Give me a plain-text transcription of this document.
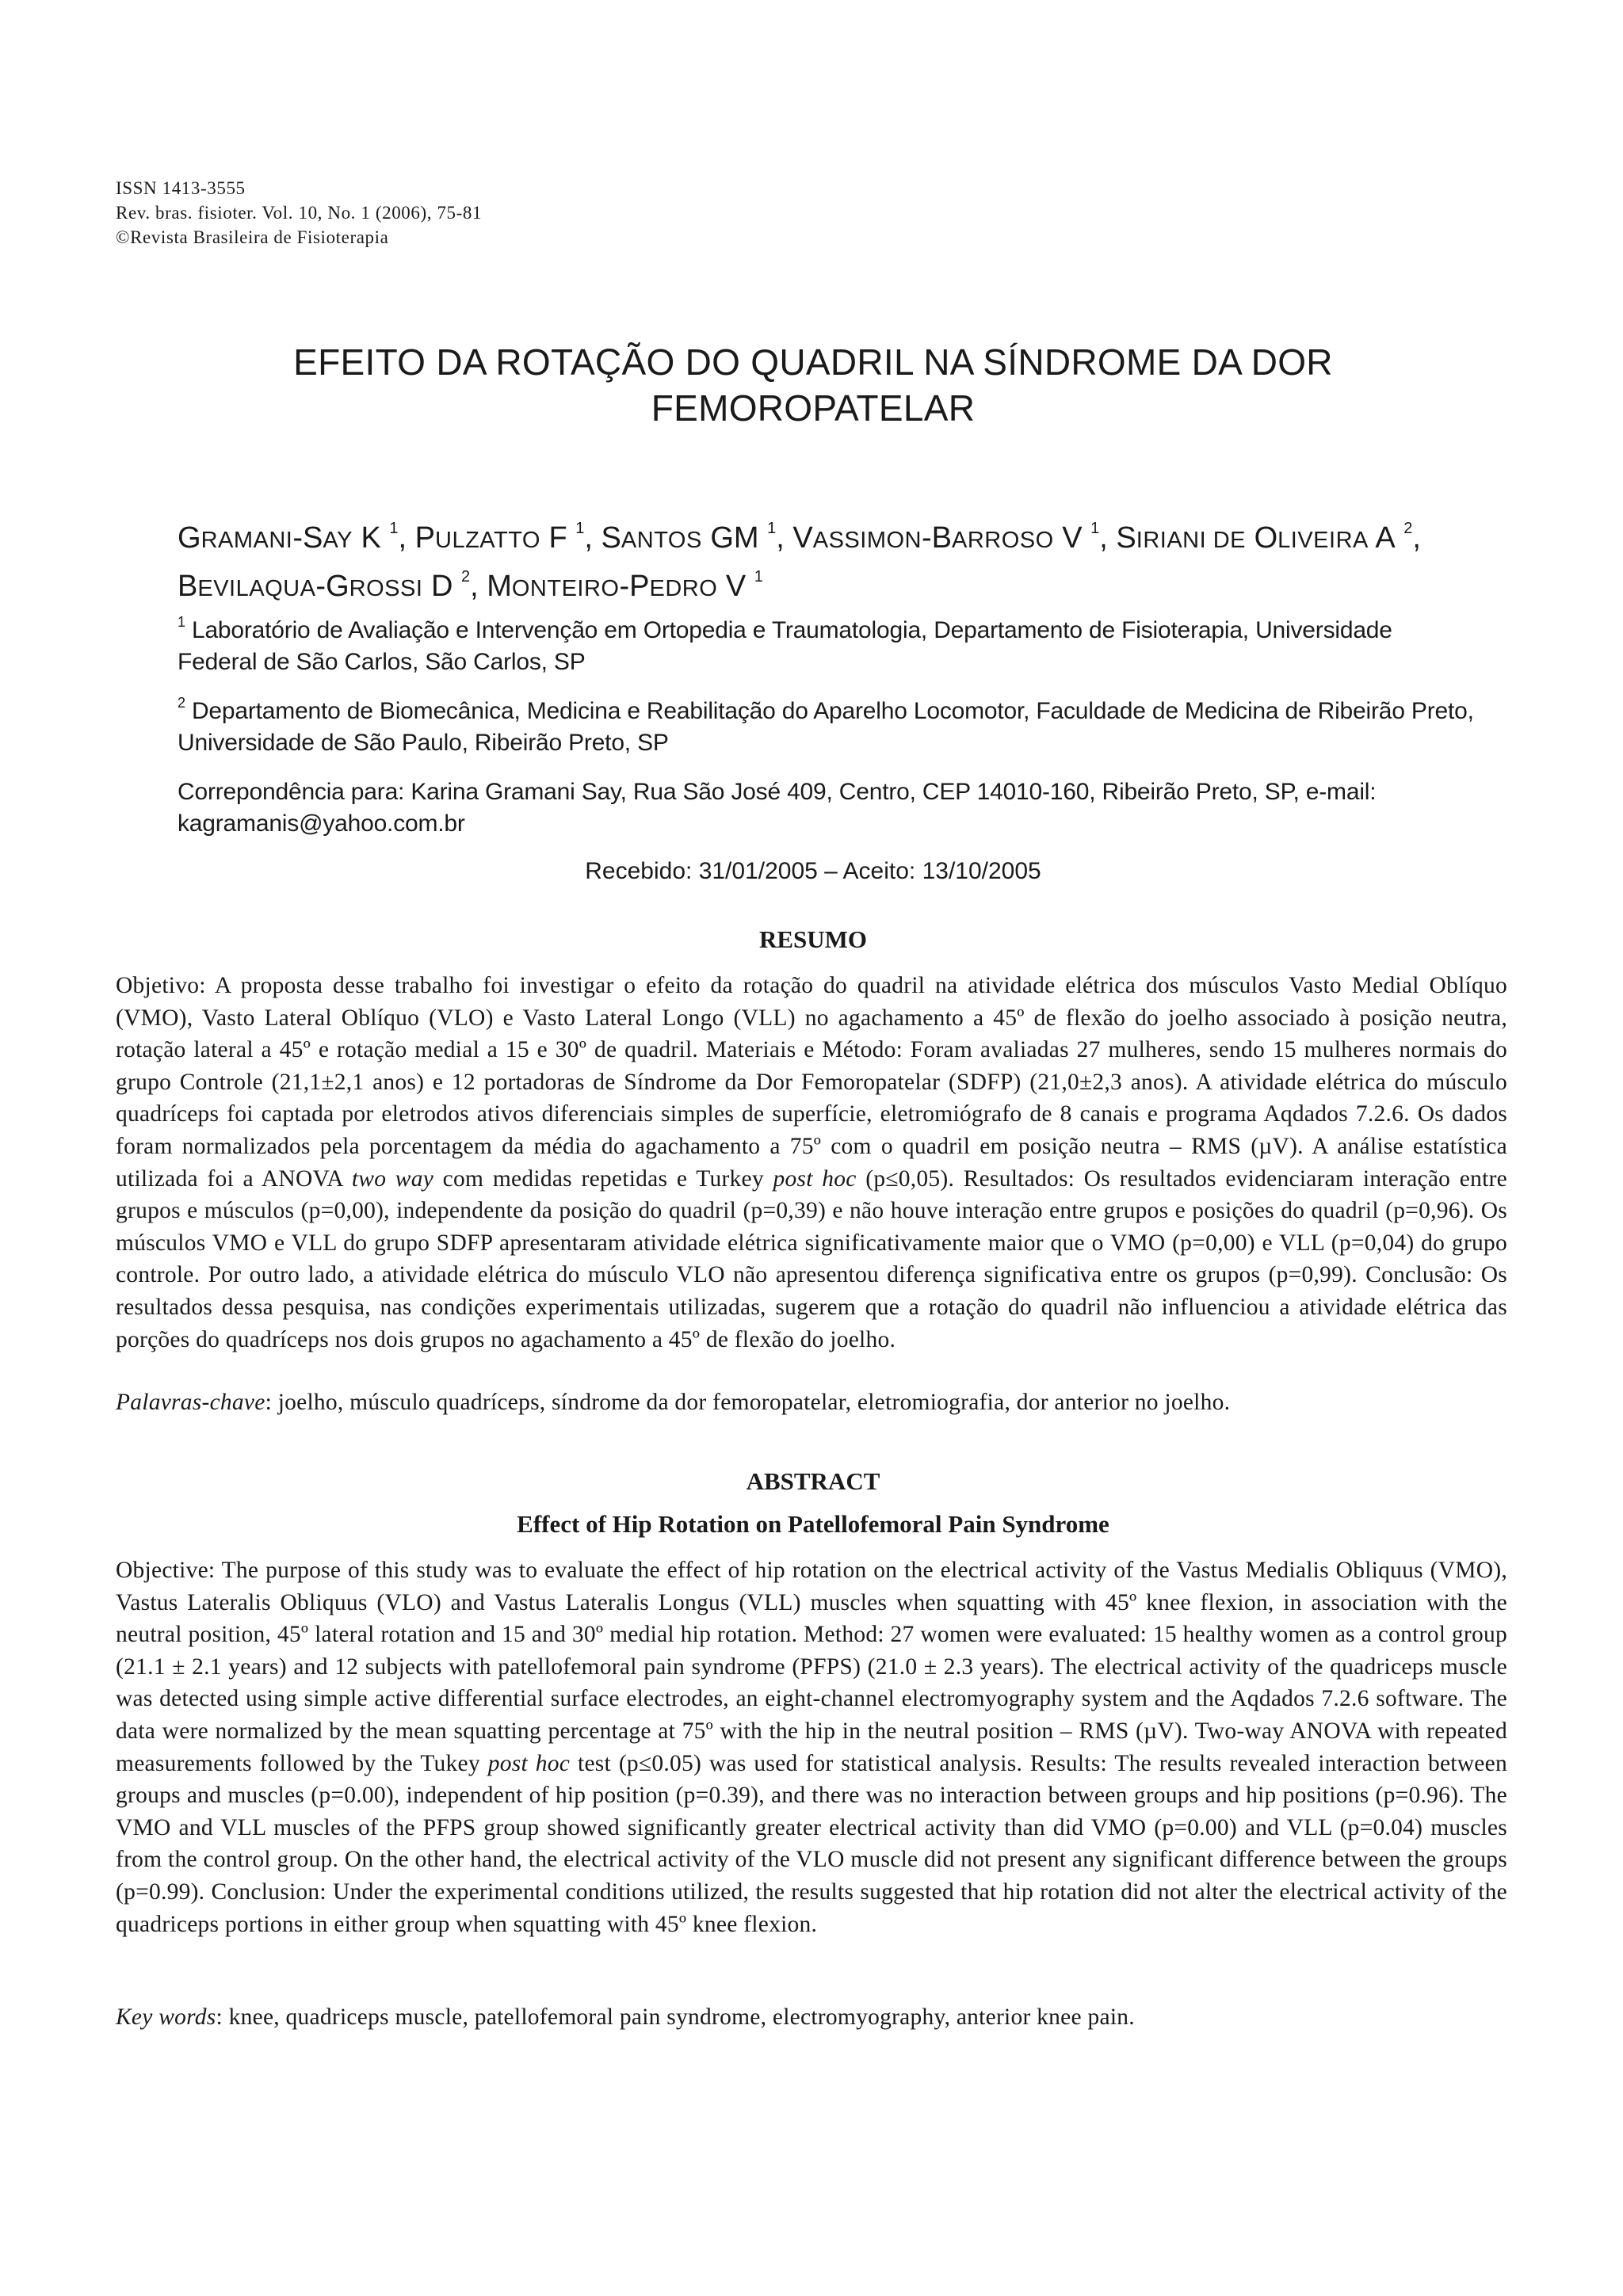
ISSN 1413-3555
Rev. bras. fisioter. Vol. 10, No. 1 (2006), 75-81
©Revista Brasileira de Fisioterapia
EFEITO DA ROTAÇÃO DO QUADRIL NA SÍNDROME DA DOR
FEMOROPATELAR
GRAMANI-SAY K $^1$, PULZATTO F $^1$, SANTOS GM $^1$, VASSIMON-BARROSO V $^1$, SIRIANI DE OLIVEIRA A $^2$,
BEVILAQUA-GROSSI D $^2$, MONTEIRO-PEDRO V $^1$
$^1$ Laboratório de Avaliação e Intervenção em Ortopedia e Traumatologia, Departamento de Fisioterapia, Universidade Federal de São Carlos, São Carlos, SP
$^2$ Departamento de Biomecânica, Medicina e Reabilitação do Aparelho Locomotor, Faculdade de Medicina de Ribeirão Preto, Universidade de São Paulo, Ribeirão Preto, SP
Correpondência para: Karina Gramani Say, Rua São José 409, Centro, CEP 14010-160, Ribeirão Preto, SP, e-mail: kagramanis@yahoo.com.br
Recebido: 31/01/2005 – Aceito: 13/10/2005
RESUMO
Objetivo: A proposta desse trabalho foi investigar o efeito da rotação do quadril na atividade elétrica dos músculos Vasto Medial Oblíquo (VMO), Vasto Lateral Oblíquo (VLO) e Vasto Lateral Longo (VLL) no agachamento a 45º de flexão do joelho associado à posição neutra, rotação lateral a 45º e rotação medial a 15 e 30º de quadril. Materiais e Método: Foram avaliadas 27 mulheres, sendo 15 mulheres normais do grupo Controle (21,1±2,1 anos) e 12 portadoras de Síndrome da Dor Femoropatelar (SDFP) (21,0±2,3 anos). A atividade elétrica do músculo quadríceps foi captada por eletrodos ativos diferenciais simples de superfície, eletromiógrafo de 8 canais e programa Aqdados 7.2.6. Os dados foram normalizados pela porcentagem da média do agachamento a 75º com o quadril em posição neutra – RMS (µV). A análise estatística utilizada foi a ANOVA two way com medidas repetidas e Turkey post hoc (p≤0,05). Resultados: Os resultados evidenciaram interação entre grupos e músculos (p=0,00), independente da posição do quadril (p=0,39) e não houve interação entre grupos e posições do quadril (p=0,96). Os músculos VMO e VLL do grupo SDFP apresentaram atividade elétrica significativamente maior que o VMO (p=0,00) e VLL (p=0,04) do grupo controle. Por outro lado, a atividade elétrica do músculo VLO não apresentou diferença significativa entre os grupos (p=0,99). Conclusão: Os resultados dessa pesquisa, nas condições experimentais utilizadas, sugerem que a rotação do quadril não influenciou a atividade elétrica das porções do quadríceps nos dois grupos no agachamento a 45º de flexão do joelho.
Palavras-chave: joelho, músculo quadríceps, síndrome da dor femoropatelar, eletromiografia, dor anterior no joelho.
ABSTRACT
Effect of Hip Rotation on Patellofemoral Pain Syndrome
Objective: The purpose of this study was to evaluate the effect of hip rotation on the electrical activity of the Vastus Medialis Obliquus (VMO), Vastus Lateralis Obliquus (VLO) and Vastus Lateralis Longus (VLL) muscles when squatting with 45º knee flexion, in association with the neutral position, 45º lateral rotation and 15 and 30º medial hip rotation. Method: 27 women were evaluated: 15 healthy women as a control group (21.1 ± 2.1 years) and 12 subjects with patellofemoral pain syndrome (PFPS) (21.0 ± 2.3 years). The electrical activity of the quadriceps muscle was detected using simple active differential surface electrodes, an eight-channel electromyography system and the Aqdados 7.2.6 software. The data were normalized by the mean squatting percentage at 75º with the hip in the neutral position – RMS (µV). Two-way ANOVA with repeated measurements followed by the Tukey post hoc test (p≤0.05) was used for statistical analysis. Results: The results revealed interaction between groups and muscles (p=0.00), independent of hip position (p=0.39), and there was no interaction between groups and hip positions (p=0.96). The VMO and VLL muscles of the PFPS group showed significantly greater electrical activity than did VMO (p=0.00) and VLL (p=0.04) muscles from the control group. On the other hand, the electrical activity of the VLO muscle did not present any significant difference between the groups (p=0.99). Conclusion: Under the experimental conditions utilized, the results suggested that hip rotation did not alter the electrical activity of the quadriceps portions in either group when squatting with 45º knee flexion.
Key words: knee, quadriceps muscle, patellofemoral pain syndrome, electromyography, anterior knee pain.
